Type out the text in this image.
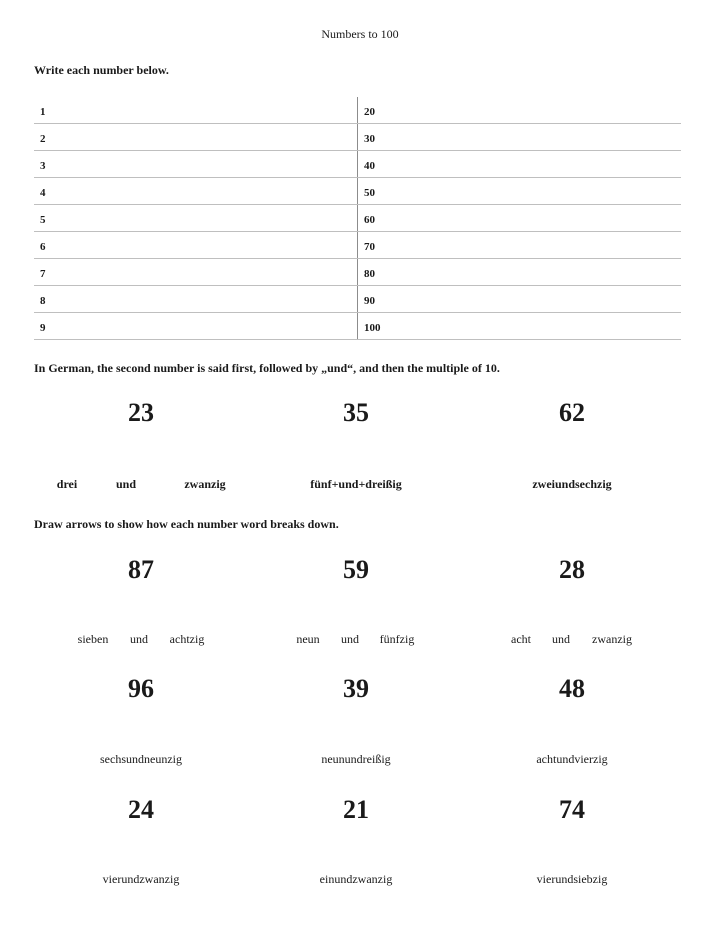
Numbers to 100
Write each number below.
1	20
2	30
3	40
4	50
5	60
6	70
7	80
8	90
9	100
In German, the second number is said first, followed by „und“, and then the multiple of 10.
23	35	62
drei	und	zwanzig	fünf+und+dreißig	zweiundsechzig
Draw arrows to show how each number word breaks down.
87	59	28
sieben und achtzig	neun und fünfzig	acht und zwanzig
96	39	48
sechsundneunzig	neunundreißig	achtundvierzig
24	21	74
vierundzwanzig	einundzwanzig	vierundsiebzig
